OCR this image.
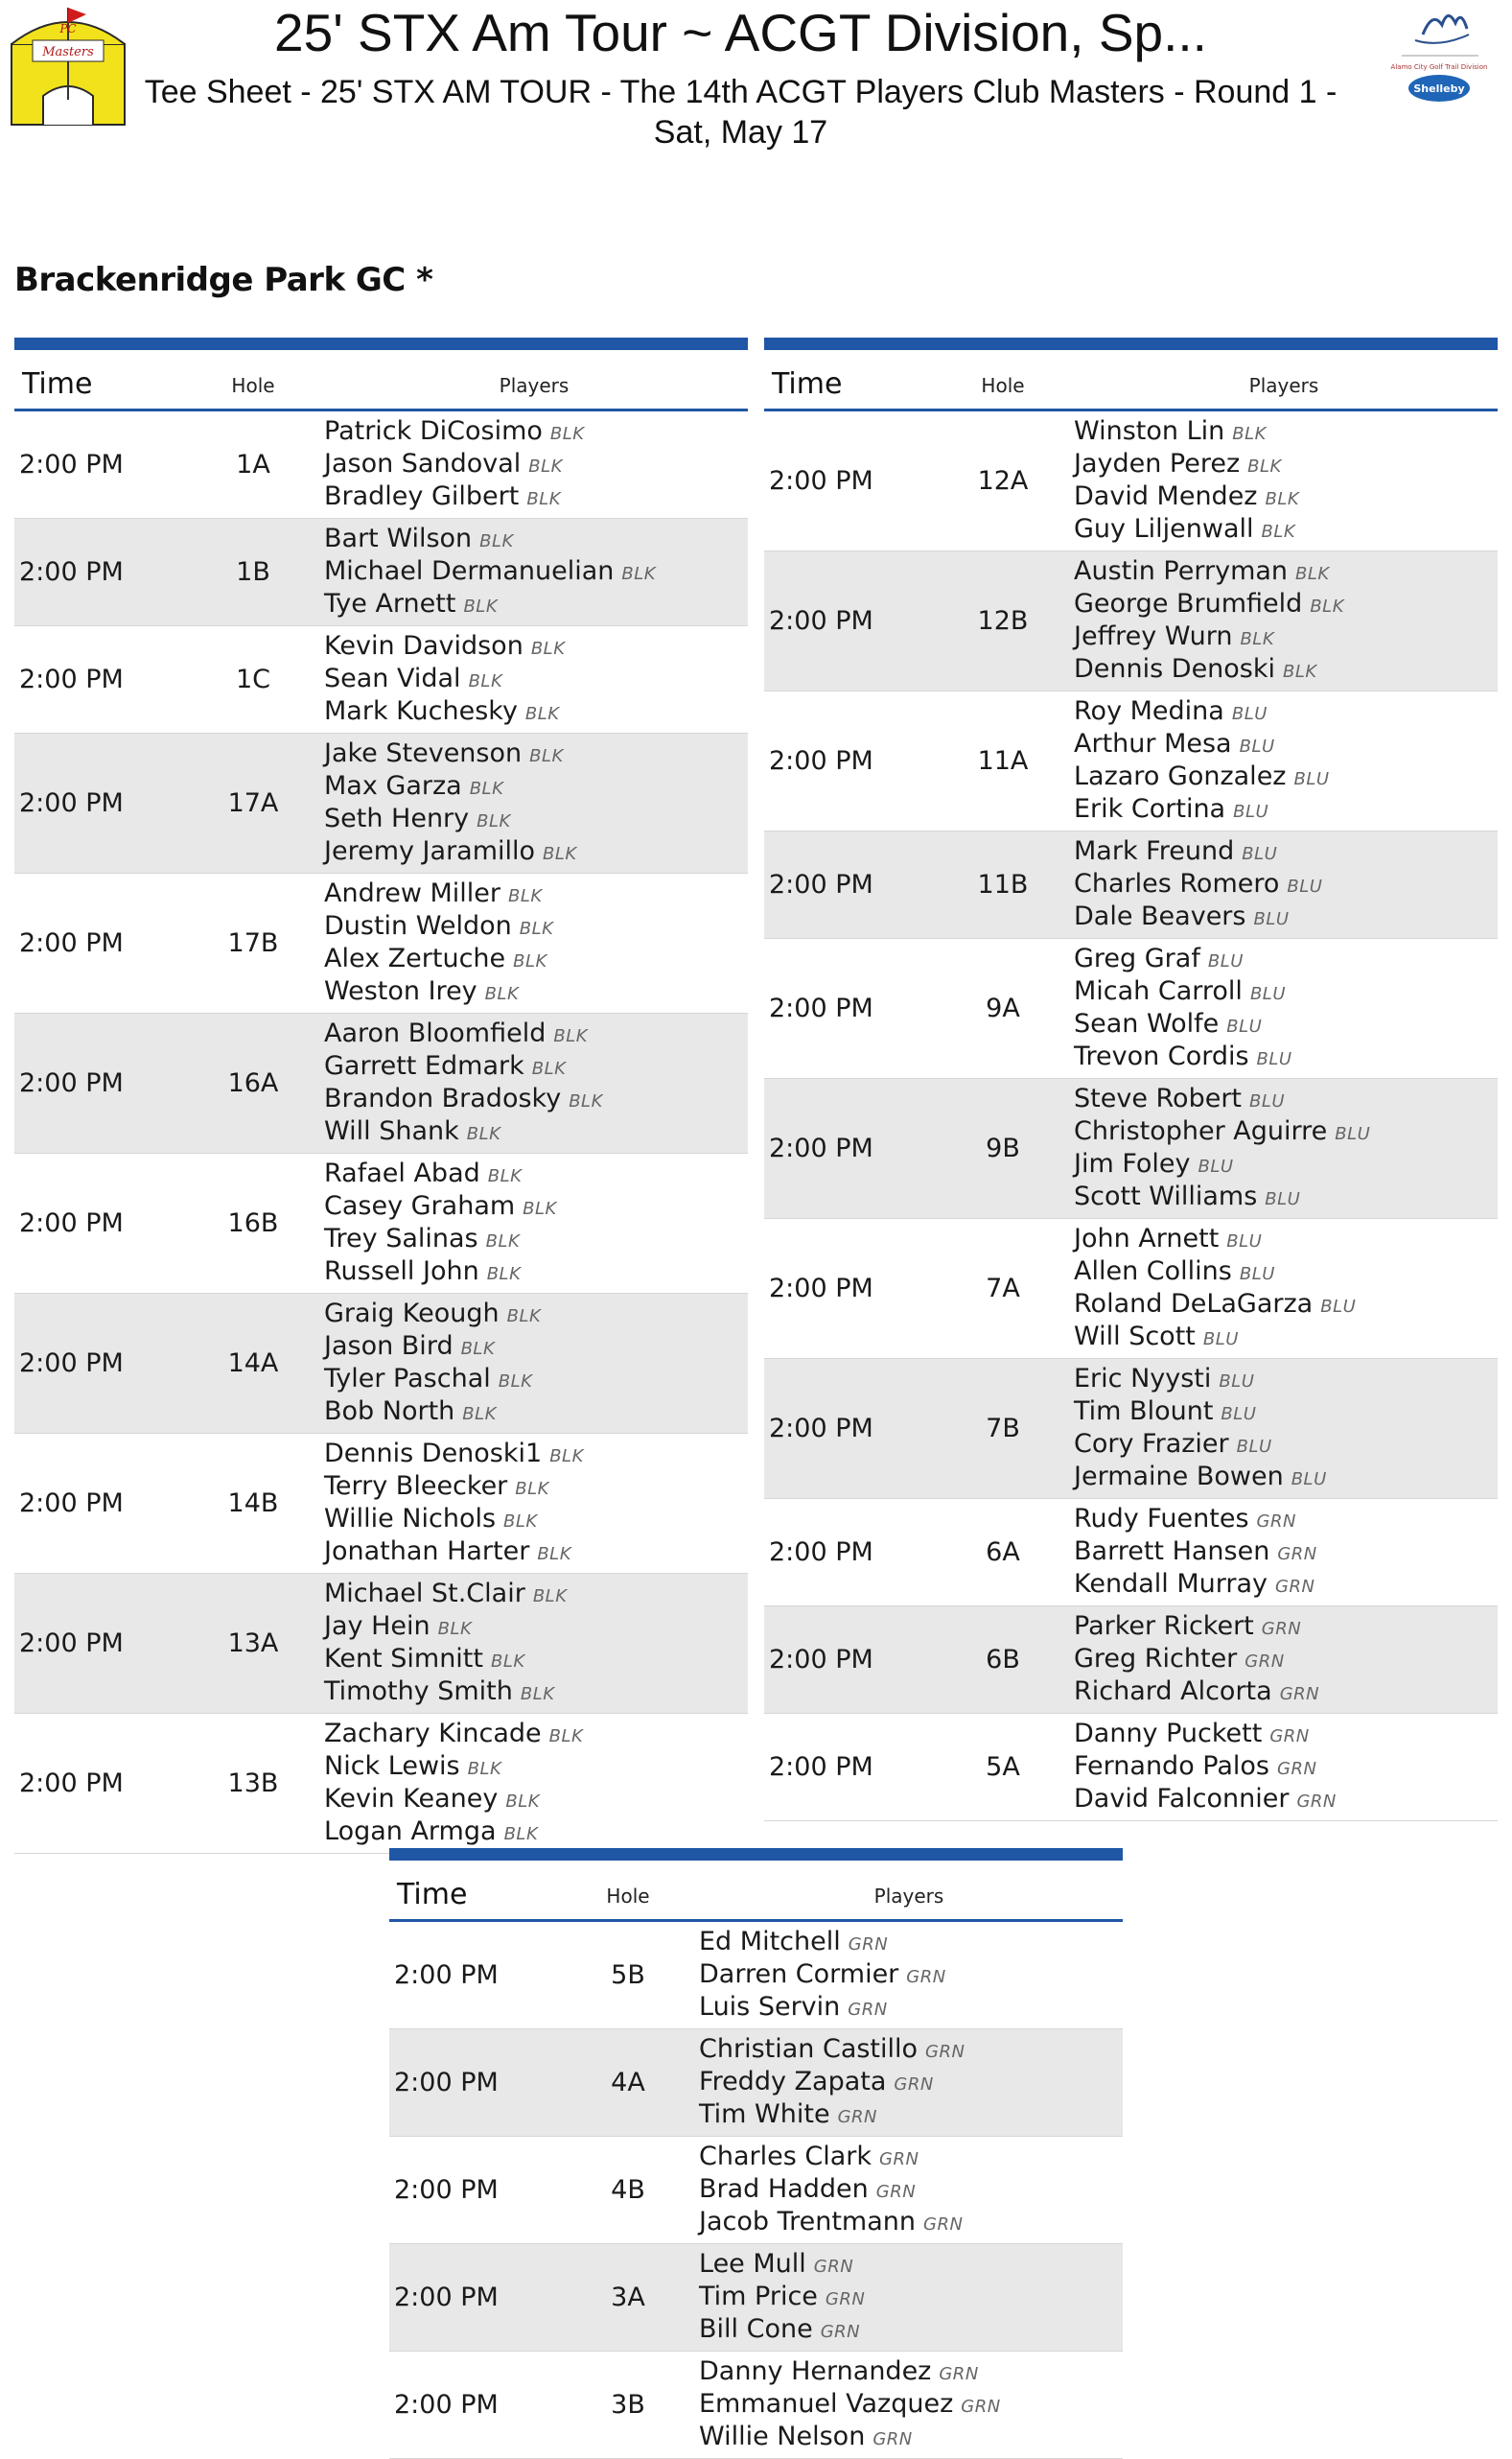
PC
Masters	25' STX Am Tour ~ ACGT Division, Sp...
Tee Sheet - 25' STX AM TOUR - The 14th ACGT Players Club Masters - Round 1 - Sat, May 17
Alamo City Golf Trail Division
Shelleby
Brackenridge Park GC *
Time	Hole	Players
2:00 PM	1A
Patrick DiCosimo BLK
Jason Sandoval BLK
Bradley Gilbert BLK
2:00 PM	1B
Bart Wilson BLK
Michael Dermanuelian BLK
Tye Arnett BLK
2:00 PM	1C
Kevin Davidson BLK
Sean Vidal BLK
Mark Kuchesky BLK
2:00 PM	17A
Jake Stevenson BLK
Max Garza BLK
Seth Henry BLK
Jeremy Jaramillo BLK
2:00 PM	17B
Andrew Miller BLK
Dustin Weldon BLK
Alex Zertuche BLK
Weston Irey BLK
2:00 PM	16A
Aaron Bloomfield BLK
Garrett Edmark BLK
Brandon Bradosky BLK
Will Shank BLK
2:00 PM	16B
Rafael Abad BLK
Casey Graham BLK
Trey Salinas BLK
Russell John BLK
2:00 PM	14A
Graig Keough BLK
Jason Bird BLK
Tyler Paschal BLK
Bob North BLK
2:00 PM	14B
Dennis Denoski1 BLK
Terry Bleecker BLK
Willie Nichols BLK
Jonathan Harter BLK
2:00 PM	13A
Michael St.Clair BLK
Jay Hein BLK
Kent Simnitt BLK
Timothy Smith BLK
2:00 PM	13B
Zachary Kincade BLK
Nick Lewis BLK
Kevin Keaney BLK
Logan Armga BLK
Time	Hole	Players
2:00 PM	12A
Winston Lin BLK
Jayden Perez BLK
David Mendez BLK
Guy Liljenwall BLK
2:00 PM	12B
Austin Perryman BLK
George Brumfield BLK
Jeffrey Wurn BLK
Dennis Denoski BLK
2:00 PM	11A
Roy Medina BLU
Arthur Mesa BLU
Lazaro Gonzalez BLU
Erik Cortina BLU
2:00 PM	11B
Mark Freund BLU
Charles Romero BLU
Dale Beavers BLU
2:00 PM	9A
Greg Graf BLU
Micah Carroll BLU
Sean Wolfe BLU
Trevon Cordis BLU
2:00 PM	9B
Steve Robert BLU
Christopher Aguirre BLU
Jim Foley BLU
Scott Williams BLU
2:00 PM	7A
John Arnett BLU
Allen Collins BLU
Roland DeLaGarza BLU
Will Scott BLU
2:00 PM	7B
Eric Nyysti BLU
Tim Blount BLU
Cory Frazier BLU
Jermaine Bowen BLU
2:00 PM	6A
Rudy Fuentes GRN
Barrett Hansen GRN
Kendall Murray GRN
2:00 PM	6B
Parker Rickert GRN
Greg Richter GRN
Richard Alcorta GRN
2:00 PM	5A
Danny Puckett GRN
Fernando Palos GRN
David Falconnier GRN
Time	Hole	Players
2:00 PM	5B
Ed Mitchell GRN
Darren Cormier GRN
Luis Servin GRN
2:00 PM	4A
Christian Castillo GRN
Freddy Zapata GRN
Tim White GRN
2:00 PM	4B
Charles Clark GRN
Brad Hadden GRN
Jacob Trentmann GRN
2:00 PM	3A
Lee Mull GRN
Tim Price GRN
Bill Cone GRN
2:00 PM	3B
Danny Hernandez GRN
Emmanuel Vazquez GRN
Willie Nelson GRN
